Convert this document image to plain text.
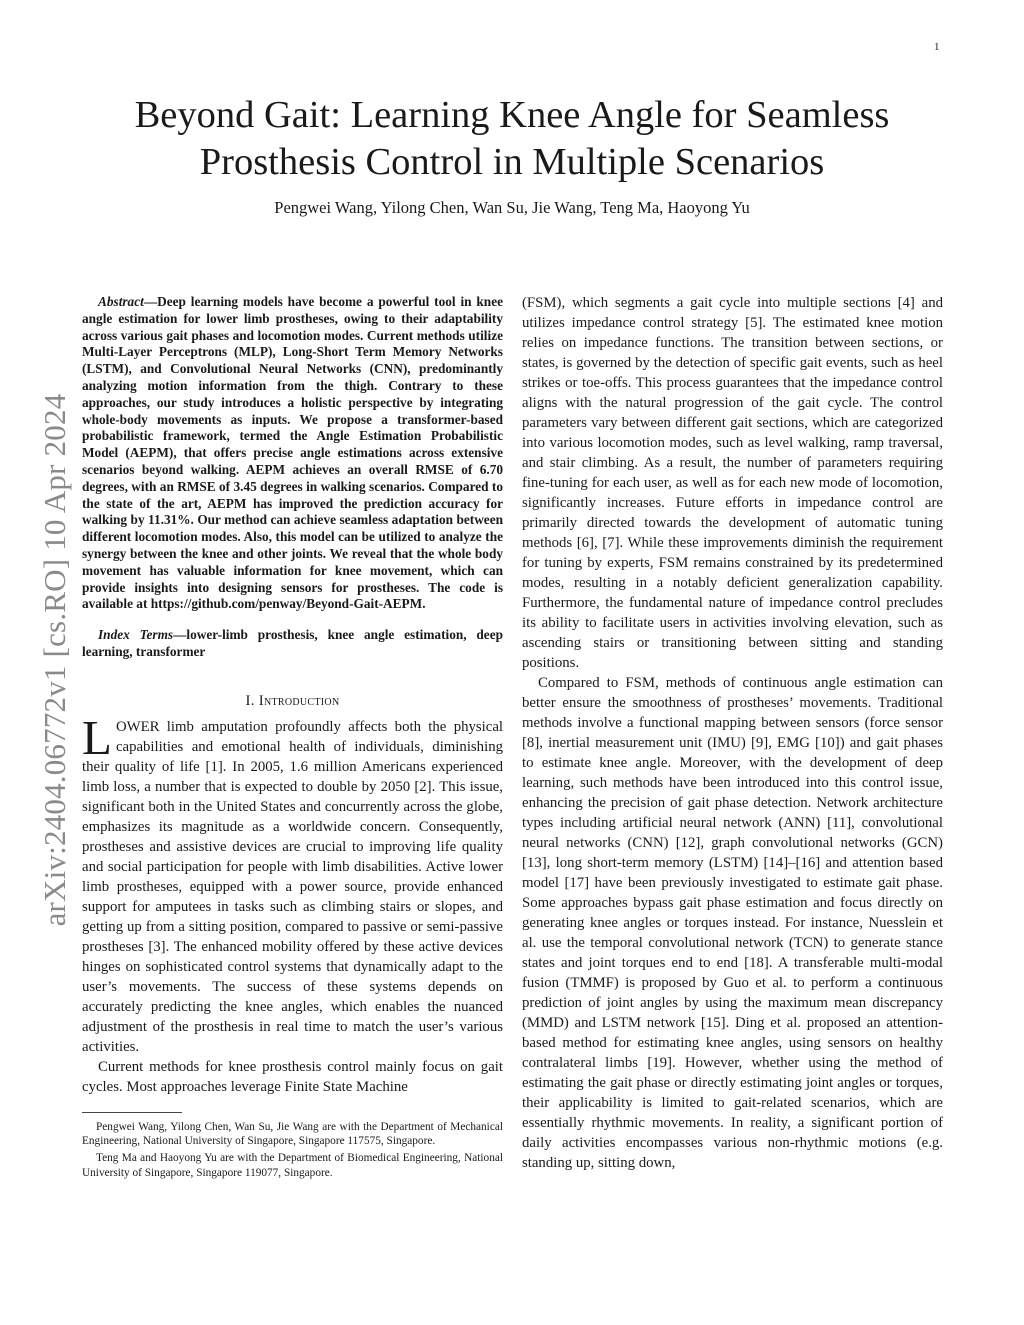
1
arXiv:2404.06772v1 [cs.RO] 10 Apr 2024
Beyond Gait: Learning Knee Angle for Seamless
Prosthesis Control in Multiple Scenarios
Pengwei Wang, Yilong Chen, Wan Su, Jie Wang, Teng Ma, Haoyong Yu

Abstract—Deep learning models have become a powerful tool in knee angle estimation for lower limb prostheses, owing to their adaptability across various gait phases and locomotion modes. Current methods utilize Multi-Layer Perceptrons (MLP), Long-Short Term Memory Networks (LSTM), and Convolutional Neural Networks (CNN), predominantly analyzing motion information from the thigh. Contrary to these approaches, our study introduces a holistic perspective by integrating whole-body movements as inputs. We propose a transformer-based probabilistic framework, termed the Angle Estimation Probabilistic Model (AEPM), that offers precise angle estimations across extensive scenarios beyond walking. AEPM achieves an overall RMSE of 6.70 degrees, with an RMSE of 3.45 degrees in walking scenarios. Compared to the state of the art, AEPM has improved the prediction accuracy for walking by 11.31%. Our method can achieve seamless adaptation between different locomotion modes. Also, this model can be utilized to analyze the synergy between the knee and other joints. We reveal that the whole body movement has valuable information for knee movement, which can provide insights into designing sensors for prostheses. The code is available at https://github.com/penway/Beyond-Gait-AEPM.

Index Terms—lower-limb prosthesis, knee angle estimation, deep learning, transformer

I. Introduction

LOWER limb amputation profoundly affects both the physical capabilities and emotional health of individuals, diminishing their quality of life [1]. In 2005, 1.6 million Americans experienced limb loss, a number that is expected to double by 2050 [2]. This issue, significant both in the United States and concurrently across the globe, emphasizes its magnitude as a worldwide concern. Consequently, prostheses and assistive devices are crucial to improving life quality and social participation for people with limb disabilities. Active lower limb prostheses, equipped with a power source, provide enhanced support for amputees in tasks such as climbing stairs or slopes, and getting up from a sitting position, compared to passive or semi-passive prostheses [3]. The enhanced mobility offered by these active devices hinges on sophisticated control systems that dynamically adapt to the user’s movements. The success of these systems depends on accurately predicting the knee angles, which enables the nuanced adjustment of the prosthesis in real time to match the user’s various activities.

Current methods for knee prosthesis control mainly focus on gait cycles. Most approaches leverage Finite State Machine

Pengwei Wang, Yilong Chen, Wan Su, Jie Wang are with the Department of Mechanical Engineering, National University of Singapore, Singapore 117575, Singapore.

Teng Ma and Haoyong Yu are with the Department of Biomedical Engineering, National University of Singapore, Singapore 119077, Singapore.

(FSM), which segments a gait cycle into multiple sections [4] and utilizes impedance control strategy [5]. The estimated knee motion relies on impedance functions. The transition between sections, or states, is governed by the detection of specific gait events, such as heel strikes or toe-offs. This process guarantees that the impedance control aligns with the natural progression of the gait cycle. The control parameters vary between different gait sections, which are categorized into various locomotion modes, such as level walking, ramp traversal, and stair climbing. As a result, the number of parameters requiring fine-tuning for each user, as well as for each new mode of locomotion, significantly increases. Future efforts in impedance control are primarily directed towards the development of automatic tuning methods [6], [7]. While these improvements diminish the requirement for tuning by experts, FSM remains constrained by its predetermined modes, resulting in a notably deficient generalization capability. Furthermore, the fundamental nature of impedance control precludes its ability to facilitate users in activities involving elevation, such as ascending stairs or transitioning between sitting and standing positions.

Compared to FSM, methods of continuous angle estimation can better ensure the smoothness of prostheses’ movements. Traditional methods involve a functional mapping between sensors (force sensor [8], inertial measurement unit (IMU) [9], EMG [10]) and gait phases to estimate knee angle. Moreover, with the development of deep learning, such methods have been introduced into this control issue, enhancing the precision of gait phase detection. Network architecture types including artificial neural network (ANN) [11], convolutional neural networks (CNN) [12], graph convolutional networks (GCN) [13], long short-term memory (LSTM) [14]–[16] and attention based model [17] have been previously investigated to estimate gait phase. Some approaches bypass gait phase estimation and focus directly on generating knee angles or torques instead. For instance, Nuesslein et al. use the temporal convolutional network (TCN) to generate stance states and joint torques end to end [18]. A transferable multi-modal fusion (TMMF) is proposed by Guo et al. to perform a continuous prediction of joint angles by using the maximum mean discrepancy (MMD) and LSTM network [15]. Ding et al. proposed an attention-based method for estimating knee angles, using sensors on healthy contralateral limbs [19]. However, whether using the method of estimating the gait phase or directly estimating joint angles or torques, their applicability is limited to gait-related scenarios, which are essentially rhythmic movements. In reality, a significant portion of daily activities encompasses various non-rhythmic motions (e.g. standing up, sitting down,
